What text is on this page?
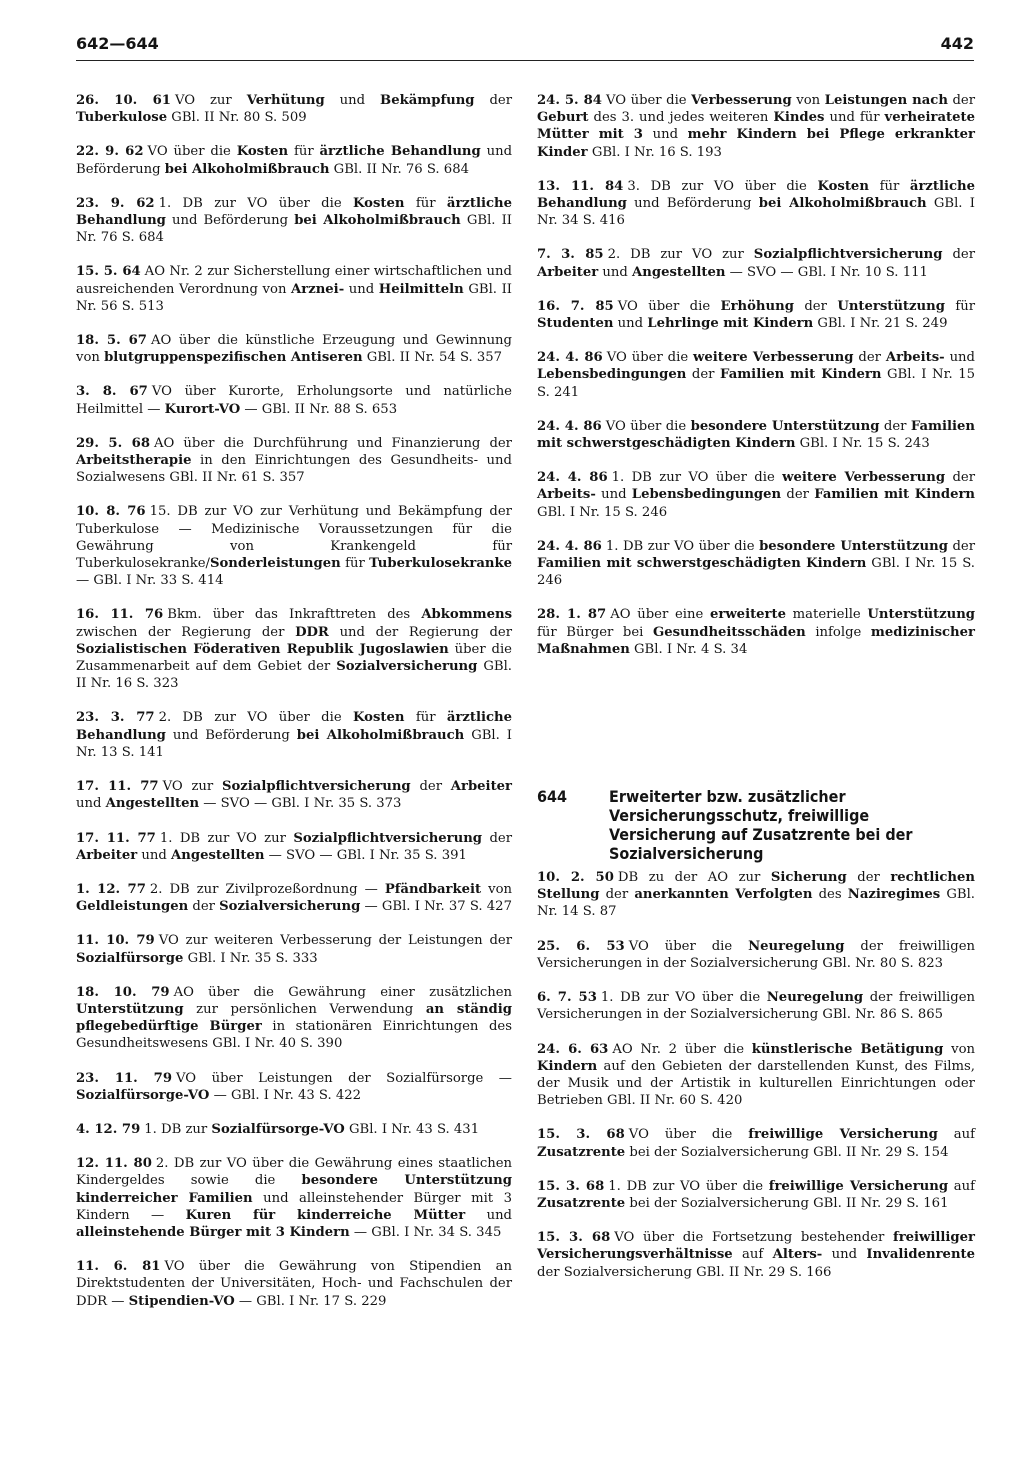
642—644	442

26. 10. 61 VO zur Verhütung und Bekämpfung der Tuberkulose GBl. II Nr. 80 S. 509

22. 9. 62 VO über die Kosten für ärztliche Behandlung und Beförderung bei Alkoholmißbrauch GBl. II Nr. 76 S. 684

23. 9. 62 1. DB zur VO über die Kosten für ärztliche Behandlung und Beförderung bei Alkoholmißbrauch GBl. II Nr. 76 S. 684

15. 5. 64 AO Nr. 2 zur Sicherstellung einer wirtschaftlichen und ausreichenden Verordnung von Arznei- und Heilmitteln GBl. II Nr. 56 S. 513

18. 5. 67 AO über die künstliche Erzeugung und Gewinnung von blutgruppenspezifischen Antiseren GBl. II Nr. 54 S. 357

3. 8. 67 VO über Kurorte, Erholungsorte und natürliche Heilmittel — Kurort-VO — GBl. II Nr. 88 S. 653

29. 5. 68 AO über die Durchführung und Finanzierung der Arbeitstherapie in den Einrichtungen des Gesundheits- und Sozialwesens GBl. II Nr. 61 S. 357

10. 8. 76 15. DB zur VO zur Verhütung und Bekämpfung der Tuberkulose — Medizinische Voraussetzungen für die Gewährung von Krankengeld für Tuberkulosekranke/Sonderleistungen für Tuberkulosekranke — GBl. I Nr. 33 S. 414

16. 11. 76 Bkm. über das Inkrafttreten des Abkommens zwischen der Regierung der DDR und der Regierung der Sozialistischen Föderativen Republik Jugoslawien über die Zusammenarbeit auf dem Gebiet der Sozialversicherung GBl. II Nr. 16 S. 323

23. 3. 77 2. DB zur VO über die Kosten für ärztliche Behandlung und Beförderung bei Alkoholmißbrauch GBl. I Nr. 13 S. 141

17. 11. 77 VO zur Sozialpflichtversicherung der Arbeiter und Angestellten — SVO — GBl. I Nr. 35 S. 373

17. 11. 77 1. DB zur VO zur Sozialpflichtversicherung der Arbeiter und Angestellten — SVO — GBl. I Nr. 35 S. 391

1. 12. 77 2. DB zur Zivilprozeßordnung — Pfändbarkeit von Geldleistungen der Sozialversicherung — GBl. I Nr. 37 S. 427

11. 10. 79 VO zur weiteren Verbesserung der Leistungen der Sozialfürsorge GBl. I Nr. 35 S. 333

18. 10. 79 AO über die Gewährung einer zusätzlichen Unterstützung zur persönlichen Verwendung an ständig pflegebedürftige Bürger in stationären Einrichtungen des Gesundheitswesens GBl. I Nr. 40 S. 390

23. 11. 79 VO über Leistungen der Sozialfürsorge — Sozialfürsorge-VO — GBl. I Nr. 43 S. 422

4. 12. 79 1. DB zur Sozialfürsorge-VO GBl. I Nr. 43 S. 431

12. 11. 80 2. DB zur VO über die Gewährung eines staatlichen Kindergeldes sowie die besondere Unterstützung kinderreicher Familien und alleinstehender Bürger mit 3 Kindern — Kuren für kinderreiche Mütter und alleinstehende Bürger mit 3 Kindern — GBl. I Nr. 34 S. 345

11. 6. 81 VO über die Gewährung von Stipendien an Direktstudenten der Universitäten, Hoch- und Fachschulen der DDR — Stipendien-VO — GBl. I Nr. 17 S. 229

24. 5. 84 VO über die Verbesserung von Leistungen nach der Geburt des 3. und jedes weiteren Kindes und für verheiratete Mütter mit 3 und mehr Kindern bei Pflege erkrankter Kinder GBl. I Nr. 16 S. 193

13. 11. 84 3. DB zur VO über die Kosten für ärztliche Behandlung und Beförderung bei Alkoholmißbrauch GBl. I Nr. 34 S. 416

7. 3. 85 2. DB zur VO zur Sozialpflichtversicherung der Arbeiter und Angestellten — SVO — GBl. I Nr. 10 S. 111

16. 7. 85 VO über die Erhöhung der Unterstützung für Studenten und Lehrlinge mit Kindern GBl. I Nr. 21 S. 249

24. 4. 86 VO über die weitere Verbesserung der Arbeits- und Lebensbedingungen der Familien mit Kindern GBl. I Nr. 15 S. 241

24. 4. 86 VO über die besondere Unterstützung der Familien mit schwerstgeschädigten Kindern GBl. I Nr. 15 S. 243

24. 4. 86 1. DB zur VO über die weitere Verbesserung der Arbeits- und Lebensbedingungen der Familien mit Kindern GBl. I Nr. 15 S. 246

24. 4. 86 1. DB zur VO über die besondere Unterstützung der Familien mit schwerstgeschädigten Kindern GBl. I Nr. 15 S. 246

28. 1. 87 AO über eine erweiterte materielle Unterstützung für Bürger bei Gesundheitsschäden infolge medizinischer Maßnahmen GBl. I Nr. 4 S. 34

644	Erweiterter bzw. zusätzlicher Versicherungsschutz, freiwillige Versicherung auf Zusatzrente bei der Sozialversicherung

10. 2. 50 DB zu der AO zur Sicherung der rechtlichen Stellung der anerkannten Verfolgten des Naziregimes GBl. Nr. 14 S. 87

25. 6. 53 VO über die Neuregelung der freiwilligen Versicherungen in der Sozialversicherung GBl. Nr. 80 S. 823

6. 7. 53 1. DB zur VO über die Neuregelung der freiwilligen Versicherungen in der Sozialversicherung GBl. Nr. 86 S. 865

24. 6. 63 AO Nr. 2 über die künstlerische Betätigung von Kindern auf den Gebieten der darstellenden Kunst, des Films, der Musik und der Artistik in kulturellen Einrichtungen oder Betrieben GBl. II Nr. 60 S. 420

15. 3. 68 VO über die freiwillige Versicherung auf Zusatzrente bei der Sozialversicherung GBl. II Nr. 29 S. 154

15. 3. 68 1. DB zur VO über die freiwillige Versicherung auf Zusatzrente bei der Sozialversicherung GBl. II Nr. 29 S. 161

15. 3. 68 VO über die Fortsetzung bestehender freiwilliger Versicherungsverhältnisse auf Alters- und Invalidenrente der Sozialversicherung GBl. II Nr. 29 S. 166
